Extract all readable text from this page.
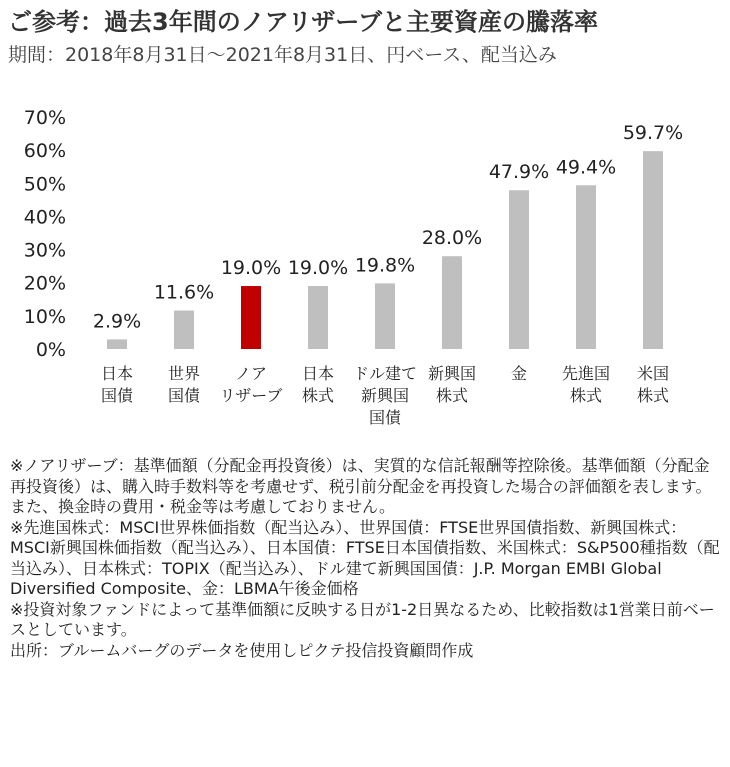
ご参考：過去3年間のノアリザーブと主要資産の騰落率
期間：2018年8月31日～2021年8月31日、円ベース、配当込み
0%
10%
20%
30%
40%
50%
60%
70%
2.9%
11.6%
19.0% 19.0% 19.8%
28.0%
47.9% 49.4%
59.7%
日本国債
世界国債
ノアリザーブ
日本株式
ドル建て新興国国債
新興国株式
金 先進国株式
米国株式

※ノアリザーブ：基準価額（分配金再投資後）は、実質的な信託報酬等控除後。基準価額（分配金再投資後）は、購入時手数料等を考慮せず、税引前分配金を再投資した場合の評価額を表します。また、換金時の費用・税金等は考慮しておりません。

※先進国株式：MSCI世界株価指数（配当込み）、世界国債：FTSE世界国債指数、新興国株式：MSCI新興国株価指数（配当込み）、日本国債：FTSE日本国債指数、米国株式：S&P500種指数（配当込み）、日本株式：TOPIX（配当込み）、ドル建て新興国国債：J.P. Morgan EMBI Global Diversified Composite、金：LBMA午後金価格

※投資対象ファンドによって基準価額に反映する日が1-2日異なるため、比較指数は1営業日前ベースとしています。

出所：ブルームバーグのデータを使用しピクテ投信投資顧問作成
